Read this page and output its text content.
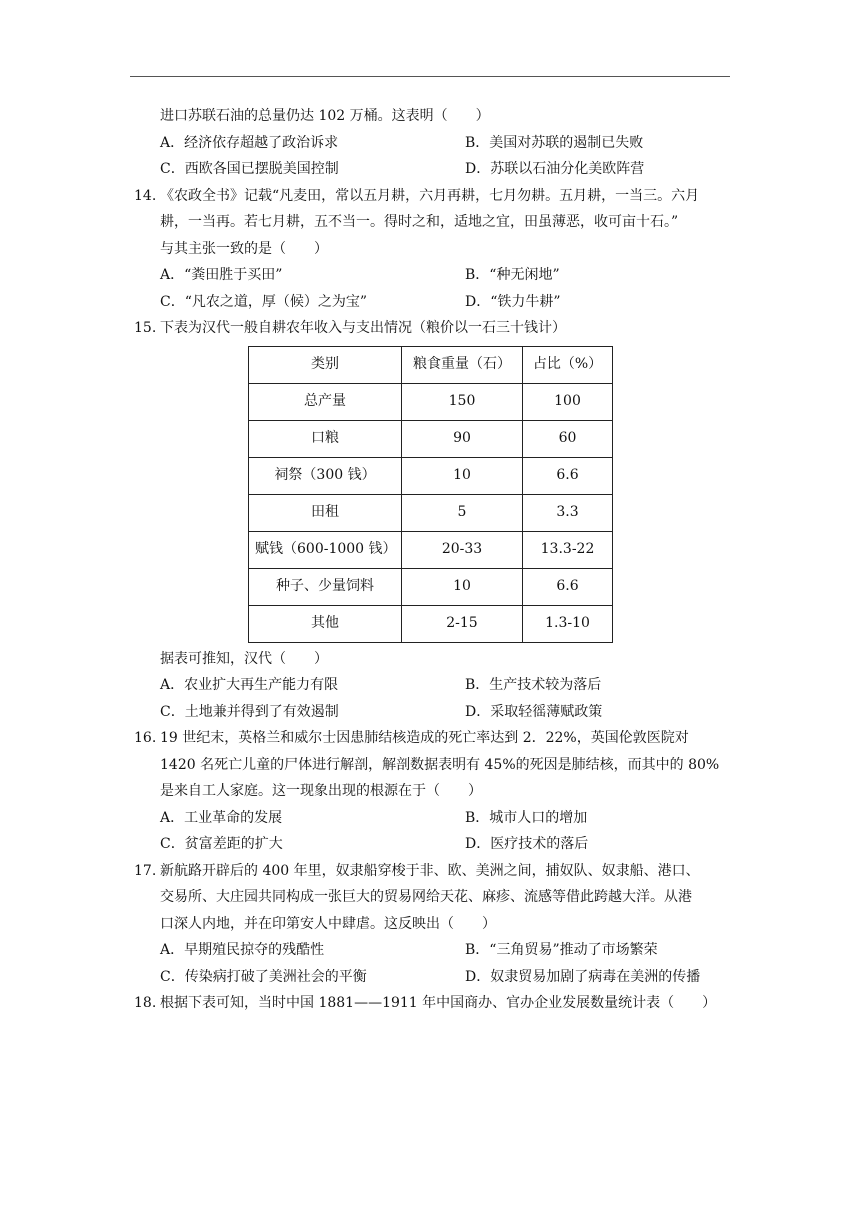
进口苏联石油的总量仍达 102 万桶。这表明（　　）
A．经济依存超越了政治诉求	B．美国对苏联的遏制已失败
C．西欧各国已摆脱美国控制	D．苏联以石油分化美欧阵营
14. 《农政全书》记载“凡麦田，常以五月耕，六月再耕，七月勿耕。五月耕，一当三。六月
耕，一当再。若七月耕，五不当一。得时之和，适地之宜，田虽薄恶，收可亩十石。”
与其主张一致的是（　　）
A．“粪田胜于买田”	B．“种无闲地”
C．“凡农之道，厚（候）之为宝”	D．“铁力牛耕”
15. 下表为汉代一般自耕农年收入与支出情况（粮价以一石三十钱计）
类别	粮食重量（石）	占比（%）
总产量	150	100
口粮	90	60
祠祭（300 钱）	10	6.6
田租	5	3.3
赋钱（600-1000 钱）	20-33	13.3-22
种子、少量饲料	10	6.6
其他	2-15	1.3-10
据表可推知，汉代（　　）
A．农业扩大再生产能力有限	B．生产技术较为落后
C．土地兼并得到了有效遏制	D．采取轻徭薄赋政策
16. 19 世纪末，英格兰和威尔士因患肺结核造成的死亡率达到 2．22%，英国伦敦医院对
1420 名死亡儿童的尸体进行解剖，解剖数据表明有 45%的死因是肺结核，而其中的 80%
是来自工人家庭。这一现象出现的根源在于（　　）
A．工业革命的发展	B．城市人口的增加
C．贫富差距的扩大	D．医疗技术的落后
17. 新航路开辟后的 400 年里，奴隶船穿梭于非、欧、美洲之间，捕奴队、奴隶船、港口、
交易所、大庄园共同构成一张巨大的贸易网给天花、麻疹、流感等借此跨越大洋。从港
口深人内地，并在印第安人中肆虐。这反映出（　　）
A．早期殖民掠夺的残酷性	B．“三角贸易”推动了市场繁荣
C．传染病打破了美洲社会的平衡	D．奴隶贸易加剧了病毒在美洲的传播
18. 根据下表可知，当时中国 1881——1911 年中国商办、官办企业发展数量统计表（　　）
